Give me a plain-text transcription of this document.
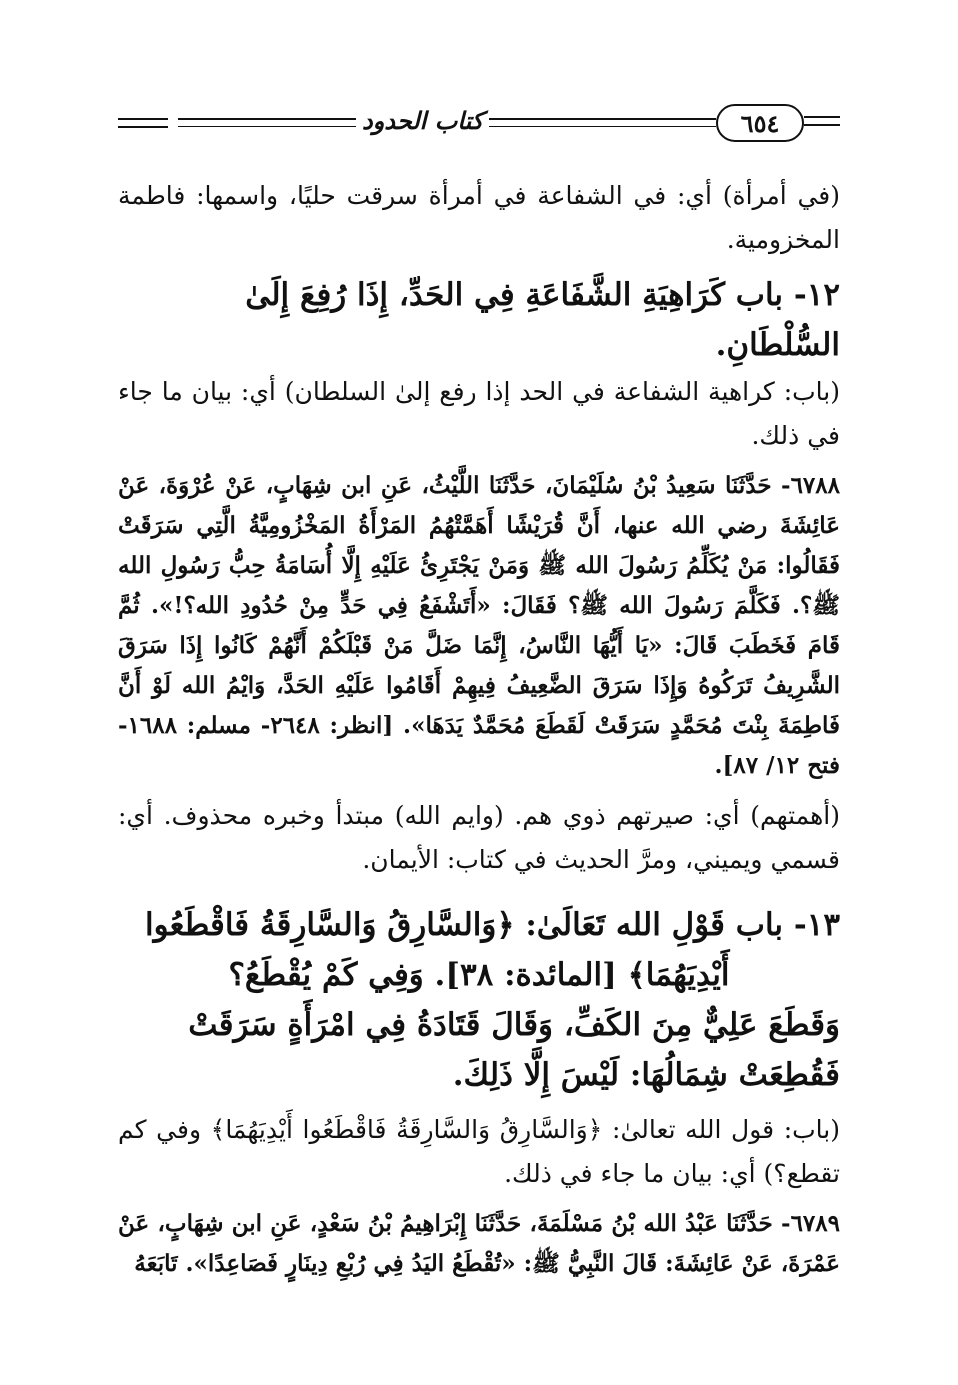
كتاب الحدود	٦٥٤

(في أمرأة) أي: في الشفاعة في أمرأة سرقت حليًا، واسمها: فاطمة المخزومية.

١٢- باب كَرَاهِيَةِ الشَّفَاعَةِ فِي الحَدِّ، إِذَا رُفِعَ إِلَىٰ السُّلْطَانِ.

(باب: كراهية الشفاعة في الحد إذا رفع إلىٰ السلطان) أي: بيان ما جاء في ذلك.

٦٧٨٨- حَدَّثَنَا سَعِيدُ بْنُ سُلَيْمَانَ، حَدَّثَنَا اللَّيْثُ، عَنِ ابن شِهَابٍ، عَنْ عُرْوَةَ، عَنْ عَائِشَةَ رضي الله عنها، أَنَّ قُرَيْشًا أَهَمَّتْهُمُ المَرْأَةُ المَخْزُومِيَّةُ الَّتِي سَرَقَتْ فَقَالُوا: مَنْ يُكَلِّمُ رَسُولَ الله ﷺ وَمَنْ يَجْتَرِئُ عَلَيْهِ إِلَّا أُسَامَةُ حِبُّ رَسُولِ الله ﷺ؟. فَكَلَّمَ رَسُولَ الله ﷺ؟ فَقَالَ: «أَتَشْفَعُ فِي حَدٍّ مِنْ حُدُودِ الله؟!». ثُمَّ قَامَ فَخَطَبَ قَالَ: «يَا أَيُّهَا النَّاسُ، إِنَّمَا ضَلَّ مَنْ قَبْلَكُمْ أَنَّهُمْ كَانُوا إِذَا سَرَقَ الشَّرِيفُ تَرَكُوهُ وَإِذَا سَرَقَ الضَّعِيفُ فِيهِمْ أَقَامُوا عَلَيْهِ الحَدَّ، وَايْمُ الله لَوْ أَنَّ فَاطِمَةَ بِنْتَ مُحَمَّدٍ سَرَقَتْ لَقَطَعَ مُحَمَّدٌ يَدَهَا». [انظر: ٢٦٤٨- مسلم: ١٦٨٨- فتح ١٢/ ٨٧].

(أهمتهم) أي: صيرتهم ذوي هم. (وايم الله) مبتدأ وخبره محذوف. أي: قسمي ويميني، ومرَّ الحديث في كتاب: الأيمان.

١٣- باب قَوْلِ الله تَعَالَىٰ: ﴿وَالسَّارِقُ وَالسَّارِقَةُ فَاقْطَعُوا

أَيْدِيَهُمَا﴾ [المائدة: ٣٨]. وَفِي كَمْ يُقْطَعُ؟

وَقَطَعَ عَلِيٌّ مِنَ الكَفِّ، وَقَالَ قَتَادَةُ فِي امْرَأَةٍ سَرَقَتْ فَقُطِعَتْ شِمَالُهَا: لَيْسَ إِلَّا ذَلِكَ.

(باب: قول الله تعالىٰ: ﴿وَالسَّارِقُ وَالسَّارِقَةُ فَاقْطَعُوا أَيْدِيَهُمَا﴾ وفي كم تقطع؟) أي: بيان ما جاء في ذلك.

٦٧٨٩- حَدَّثَنَا عَبْدُ الله بْنُ مَسْلَمَةَ، حَدَّثَنَا إِبْرَاهِيمُ بْنُ سَعْدٍ، عَنِ ابن شِهَابٍ، عَنْ عَمْرَةَ، عَنْ عَائِشَةَ: قَالَ النَّبِيُّ ﷺ: «تُقْطَعُ اليَدُ فِي رُبْعِ دِينَارٍ فَصَاعِدًا». تَابَعَهُ
